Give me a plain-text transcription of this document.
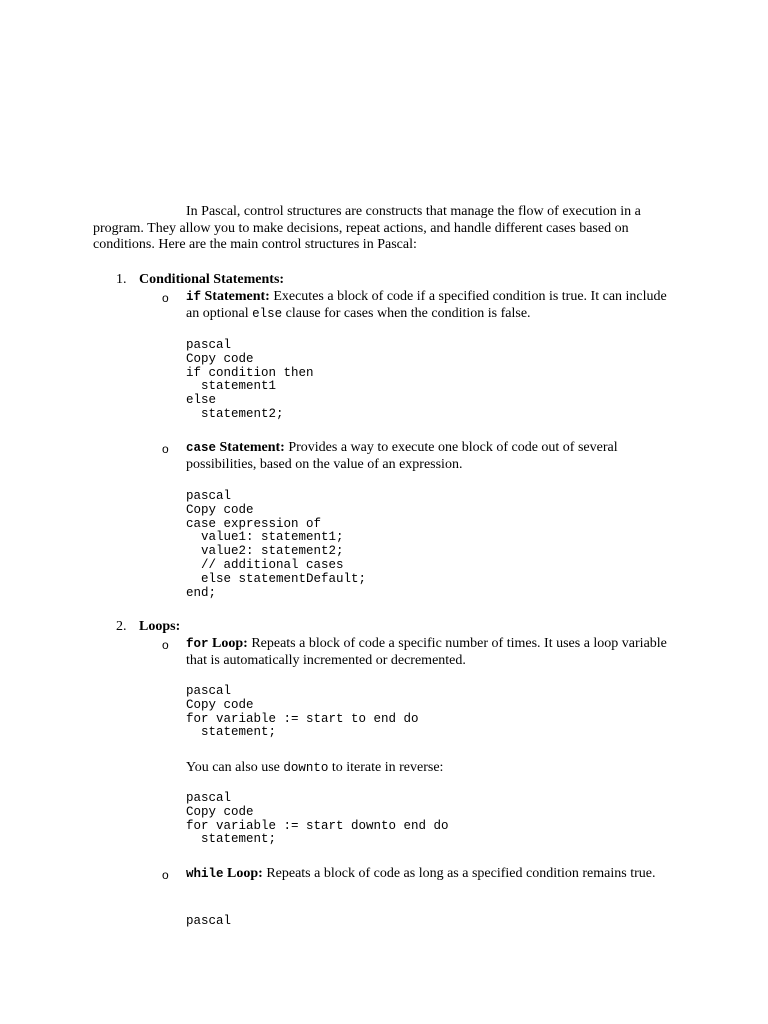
In Pascal, control structures are constructs that manage the flow of execution in a program. They allow you to make decisions, repeat actions, and handle different cases based on conditions. Here are the main control structures in Pascal:

1. Conditional Statements:
o	if Statement: Executes a block of code if a specified condition is true. It can include an optional else clause for cases when the condition is false.

pascal
Copy code
if condition then
statement1
else
statement2;
o	case Statement: Provides a way to execute one block of code out of several possibilities, based on the value of an expression.

pascal
Copy code
case expression of
value1: statement1;
value2: statement2;
// additional cases
else statementDefault;
end;
2. Loops:
o	for Loop: Repeats a block of code a specific number of times. It uses a loop variable that is automatically incremented or decremented.

pascal
Copy code
for variable := start to end do
statement;

You can also use downto to iterate in reverse:

pascal
Copy code
for variable := start downto end do
statement;
o	while Loop: Repeats a block of code as long as a specified condition remains true.

pascal
